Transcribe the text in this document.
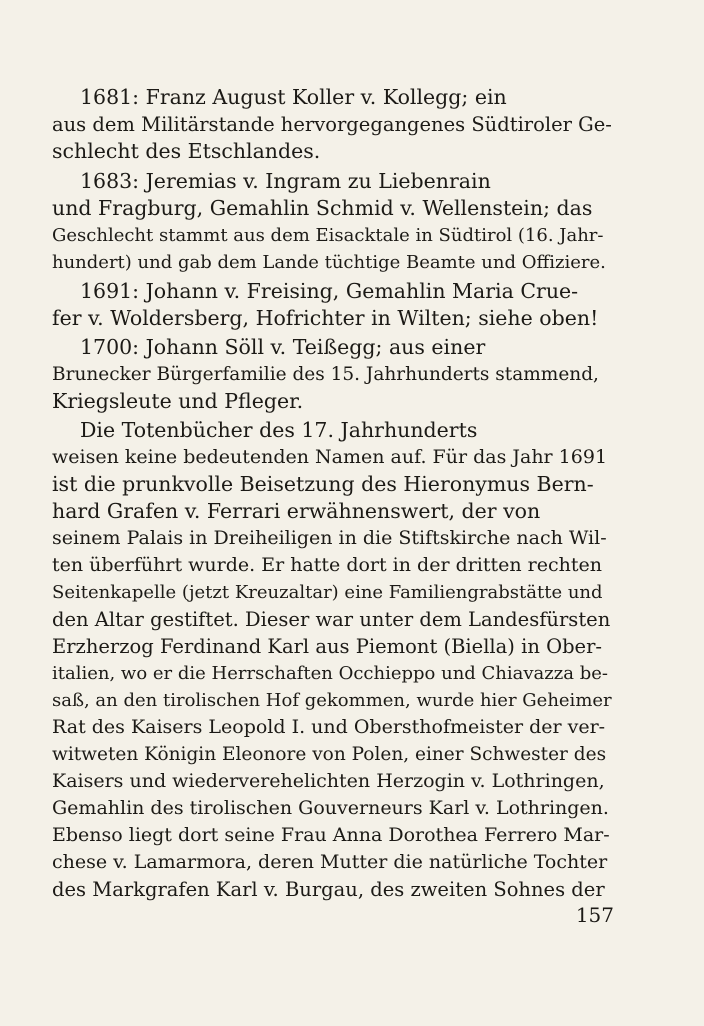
1681: Franz August Koller v. Kollegg; ein
aus dem Militärstande hervorgegangenes Südtiroler Ge-
schlecht des Etschlandes.
1683: Jeremias v. Ingram zu Liebenrain
und Fragburg, Gemahlin Schmid v. Wellenstein; das
Geschlecht stammt aus dem Eisacktale in Südtirol (16. Jahr-
hundert) und gab dem Lande tüchtige Beamte und Offiziere.
1691: Johann v. Freising, Gemahlin Maria Crue-
fer v. Woldersberg, Hofrichter in Wilten; siehe oben!
1700: Johann Söll v. Teißegg; aus einer
Brunecker Bürgerfamilie des 15. Jahrhunderts stammend,
Kriegsleute und Pfleger.
Die Totenbücher des 17. Jahrhunderts
weisen keine bedeutenden Namen auf. Für das Jahr 1691
ist die prunkvolle Beisetzung des Hieronymus Bern-
hard Grafen v. Ferrari erwähnenswert, der von
seinem Palais in Dreiheiligen in die Stiftskirche nach Wil-
ten überführt wurde. Er hatte dort in der dritten rechten
Seitenkapelle (jetzt Kreuzaltar) eine Familiengrabstätte und
den Altar gestiftet. Dieser war unter dem Landesfürsten
Erzherzog Ferdinand Karl aus Piemont (Biella) in Ober-
italien, wo er die Herrschaften Occhieppo und Chiavazza be-
saß, an den tirolischen Hof gekommen, wurde hier Geheimer
Rat des Kaisers Leopold I. und Obersthofmeister der ver-
witweten Königin Eleonore von Polen, einer Schwester des
Kaisers und wiederverehelichten Herzogin v. Lothringen,
Gemahlin des tirolischen Gouverneurs Karl v. Lothringen.
Ebenso liegt dort seine Frau Anna Dorothea Ferrero Mar-
chese v. Lamarmora, deren Mutter die natürliche Tochter
des Markgrafen Karl v. Burgau, des zweiten Sohnes der
157
